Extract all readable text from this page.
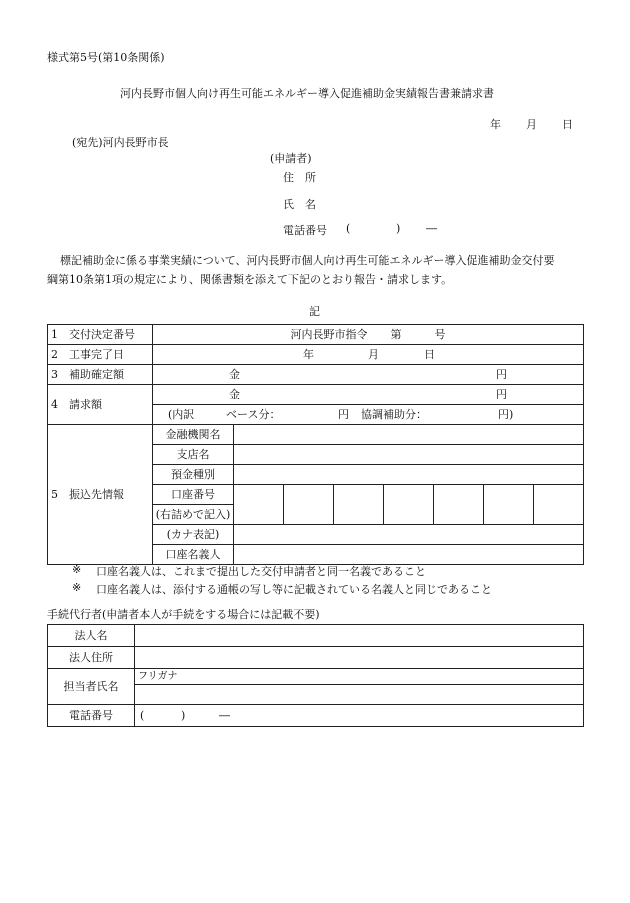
様式第5号(第10条関係)
河内長野市個人向け再生可能エネルギー導入促進補助金実績報告書兼請求書
年 月 日
(宛先)河内長野市長
(申請者)
住　所
氏　名
電話番号 (	) ―
標記補助金に係る事業実績について、河内長野市個人向け再生可能エネルギー導入促進補助金交付要
綱第10条第1項の規定により、関係書類を添えて下記のとおり報告・請求します。
記
1　交付決定番号	河内長野市指令 第 号							
2　工事完了日	年 月 日							

3　補助確定額	金 円							

4　請求額	金 円							

	(内訳 ベース分： 円 協調補助分： 円)							

5　振込先情報	金融機関名							
	支店名							
	預金種別							
	口座番号							
	(右詰めで記入)							
	(カナ表記)							
	口座名義人							
※ 口座名義人は、これまで提出した交付申請者と同一名義であること
※ 口座名義人は、添付する通帳の写し等に記載されている名義人と同じであること
手続代行者(申請者本人が手続をする場合には記載不要)
法人名	
法人住所	
担当者氏名	フリガナ

電話番号	( ) ―
